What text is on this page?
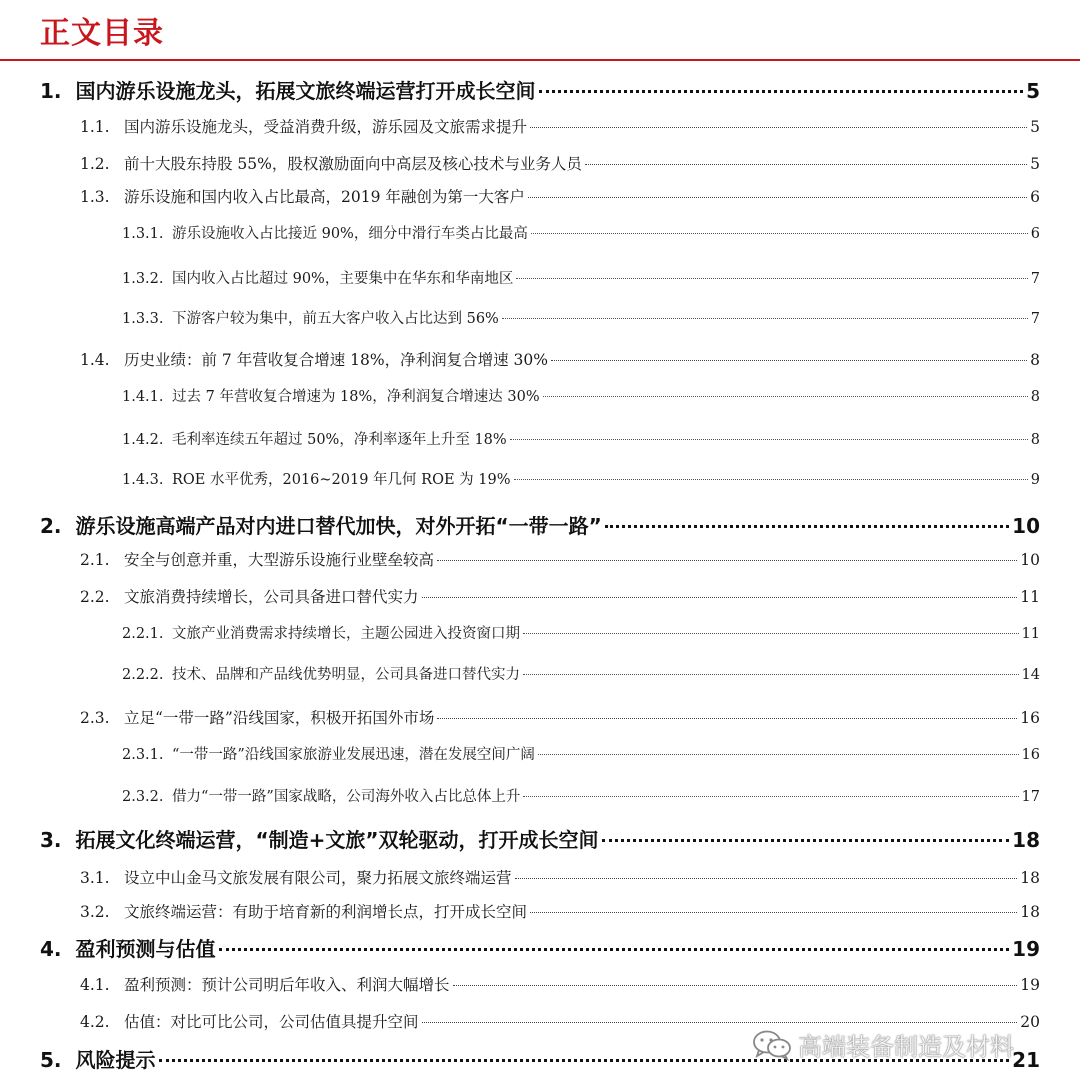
正文目录
1. 国内游乐设施龙头，拓展文旅终端运营打开成长空间	5
1.1. 国内游乐设施龙头，受益消费升级，游乐园及文旅需求提升	5
1.2. 前十大股东持股 55%，股权激励面向中高层及核心技术与业务人员	5
1.3. 游乐设施和国内收入占比最高，2019 年融创为第一大客户	6
1.3.1. 游乐设施收入占比接近 90%，细分中滑行车类占比最高	6
1.3.2. 国内收入占比超过 90%，主要集中在华东和华南地区	7
1.3.3. 下游客户较为集中，前五大客户收入占比达到 56%	7
1.4. 历史业绩：前 7 年营收复合增速 18%，净利润复合增速 30%	8
1.4.1. 过去 7 年营收复合增速为 18%，净利润复合增速达 30%	8
1.4.2. 毛利率连续五年超过 50%，净利率逐年上升至 18%	8
1.4.3. ROE 水平优秀，2016~2019 年几何 ROE 为 19%	9
2. 游乐设施高端产品对内进口替代加快，对外开拓“一带一路”	10
2.1. 安全与创意并重，大型游乐设施行业壁垒较高	10
2.2. 文旅消费持续增长，公司具备进口替代实力	11
2.2.1. 文旅产业消费需求持续增长，主题公园进入投资窗口期	11
2.2.2. 技术、品牌和产品线优势明显，公司具备进口替代实力	14
2.3. 立足“一带一路”沿线国家，积极开拓国外市场	16
2.3.1. “一带一路”沿线国家旅游业发展迅速，潜在发展空间广阔	16
2.3.2. 借力“一带一路”国家战略，公司海外收入占比总体上升	17
3. 拓展文化终端运营，“制造+文旅”双轮驱动，打开成长空间	18
3.1. 设立中山金马文旅发展有限公司，聚力拓展文旅终端运营	18
3.2. 文旅终端运营：有助于培育新的利润增长点，打开成长空间	18
4. 盈利预测与估值	19
4.1. 盈利预测：预计公司明后年收入、利润大幅增长	19
4.2. 估值：对比可比公司，公司估值具提升空间	20
5. 风险提示	21
高端装备制造及材料
